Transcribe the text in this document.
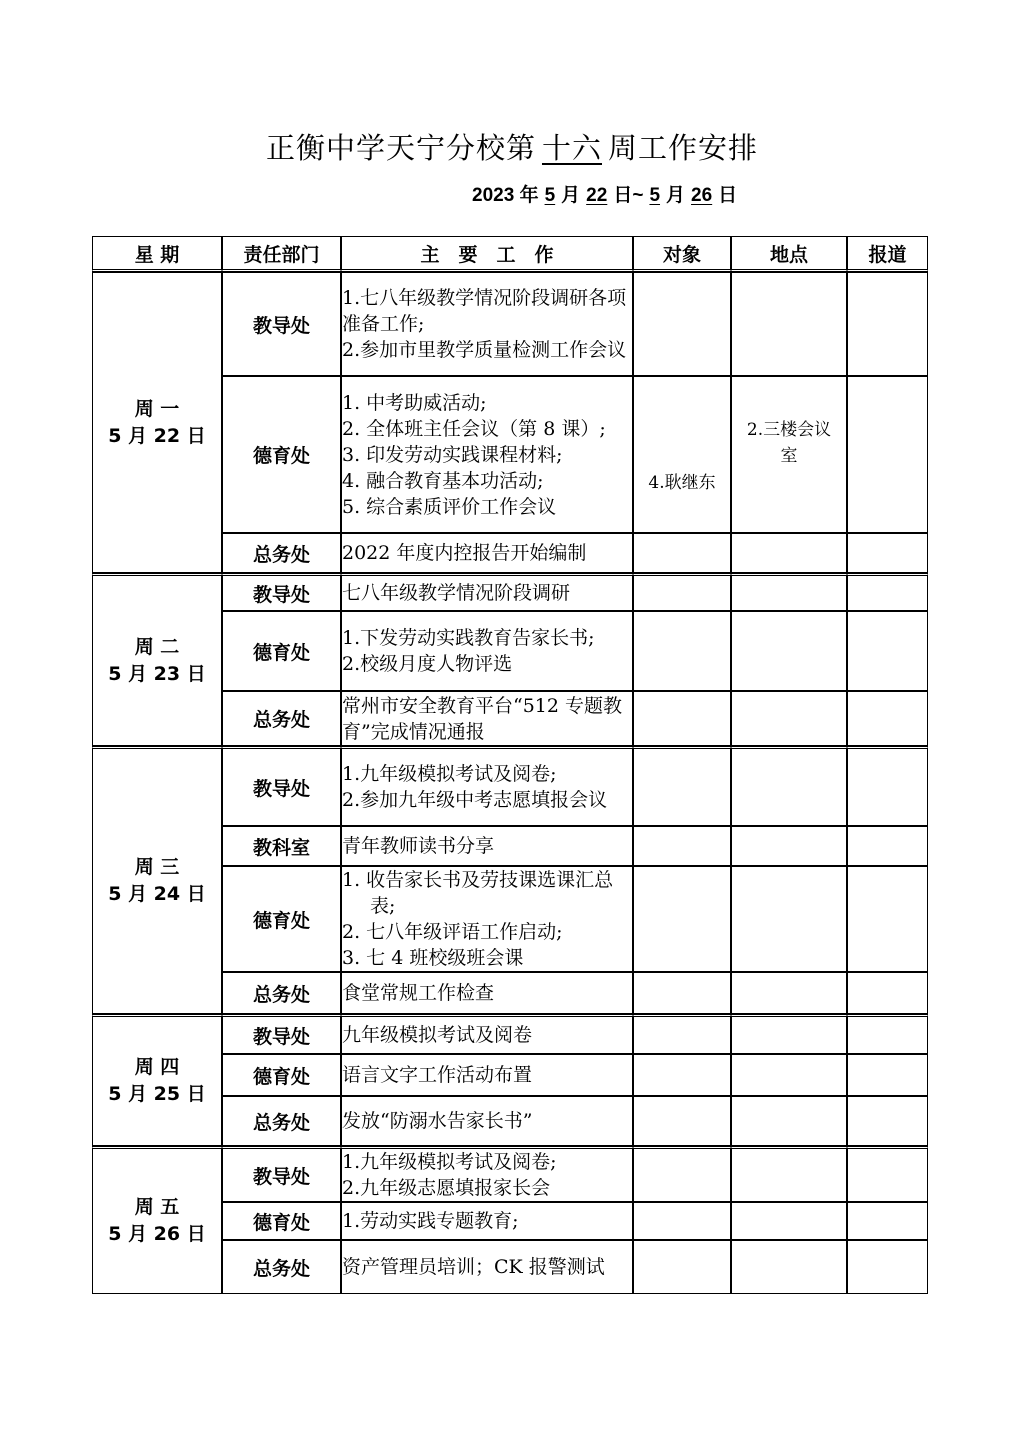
正衡中学天宁分校第 十六 周工作安排
2023 年 5 月 22 日~ 5 月 26 日
星 期	责任部门	主　要　工　作	对象	地点	报道
周 一
5 月 22 日	教导处	1.七八年级教学情况阶段调研各项准备工作;
2.参加市里教学质量检测工作会议			

	德育处	1. 中考助威活动;
2. 全体班主任会议（第 8 课）;
3. 印发劳动实践课程材料;
4. 融合教育基本功活动;
5. 综合素质评价工作会议	4.耿继东	2.三楼会议室	
	总务处	2022 年度内控报告开始编制			

周 二
5 月 23 日	教导处	七八年级教学情况阶段调研			

	德育处	1.下发劳动实践教育告家长书;
2.校级月度人物评选			

	总务处	常州市安全教育平台“512 专题教育”完成情况通报			

周 三
5 月 24 日	教导处	1.九年级模拟考试及阅卷;
2.参加九年级中考志愿填报会议			

	教科室	青年教师读书分享			

	德育处	1. 收告家长书及劳技课选课汇总表;
2. 七八年级评语工作启动;
3. 七 4 班校级班会课			

	总务处	食堂常规工作检查			

周 四
5 月 25 日	教导处	九年级模拟考试及阅卷			

	德育处	语言文字工作活动布置			

	总务处	发放“防溺水告家长书”			

周 五
5 月 26 日	教导处	1.九年级模拟考试及阅卷;
2.九年级志愿填报家长会			

	德育处	1.劳动实践专题教育;			

	总务处	资产管理员培训；CK 报警测试			
